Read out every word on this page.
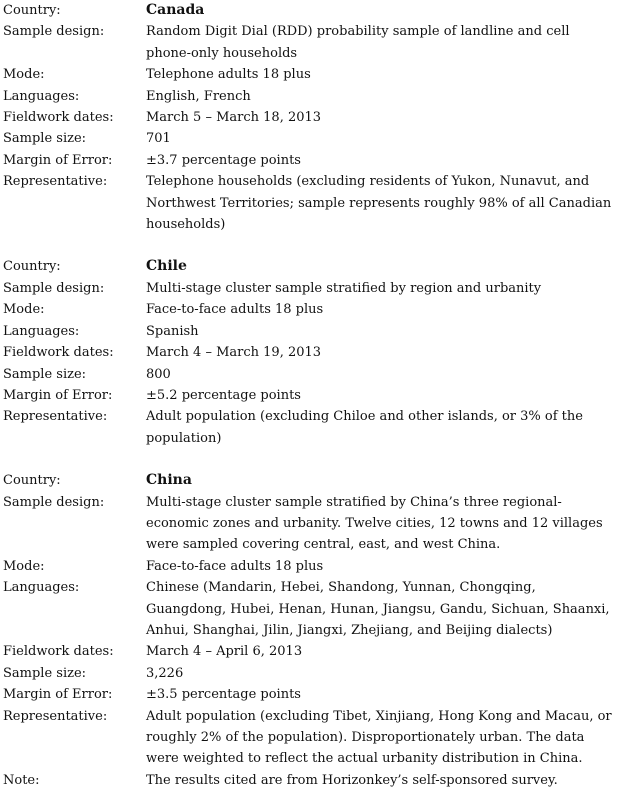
Country:	Canada
Sample design:	Random Digit Dial (RDD) probability sample of landline and cell phone-only households
Mode:	Telephone adults 18 plus
Languages:	English, French
Fieldwork dates:	March 5 – March 18, 2013
Sample size:	701
Margin of Error:	±3.7 percentage points
Representative:	Telephone households (excluding residents of Yukon, Nunavut, and Northwest Territories; sample represents roughly 98% of all Canadian households)
Country:	Chile
Sample design:	Multi-stage cluster sample stratified by region and urbanity
Mode:	Face-to-face adults 18 plus
Languages:	Spanish
Fieldwork dates:	March 4 – March 19, 2013
Sample size:	800
Margin of Error:	±5.2 percentage points
Representative:	Adult population (excluding Chiloe and other islands, or 3% of the population)
Country:	China
Sample design:	Multi-stage cluster sample stratified by China’s three regional-economic zones and urbanity. Twelve cities, 12 towns and 12 villages were sampled covering central, east, and west China.
Mode:	Face-to-face adults 18 plus
Languages:	Chinese (Mandarin, Hebei, Shandong, Yunnan, Chongqing, Guangdong, Hubei, Henan, Hunan, Jiangsu, Gandu, Sichuan, Shaanxi, Anhui, Shanghai, Jilin, Jiangxi, Zhejiang, and Beijing dialects)
Fieldwork dates:	March 4 – April 6, 2013
Sample size:	3,226
Margin of Error:	±3.5 percentage points
Representative:	Adult population (excluding Tibet, Xinjiang, Hong Kong and Macau, or roughly 2% of the population). Disproportionately urban. The data were weighted to reflect the actual urbanity distribution in China.
Note:	The results cited are from Horizonkey’s self-sponsored survey.
